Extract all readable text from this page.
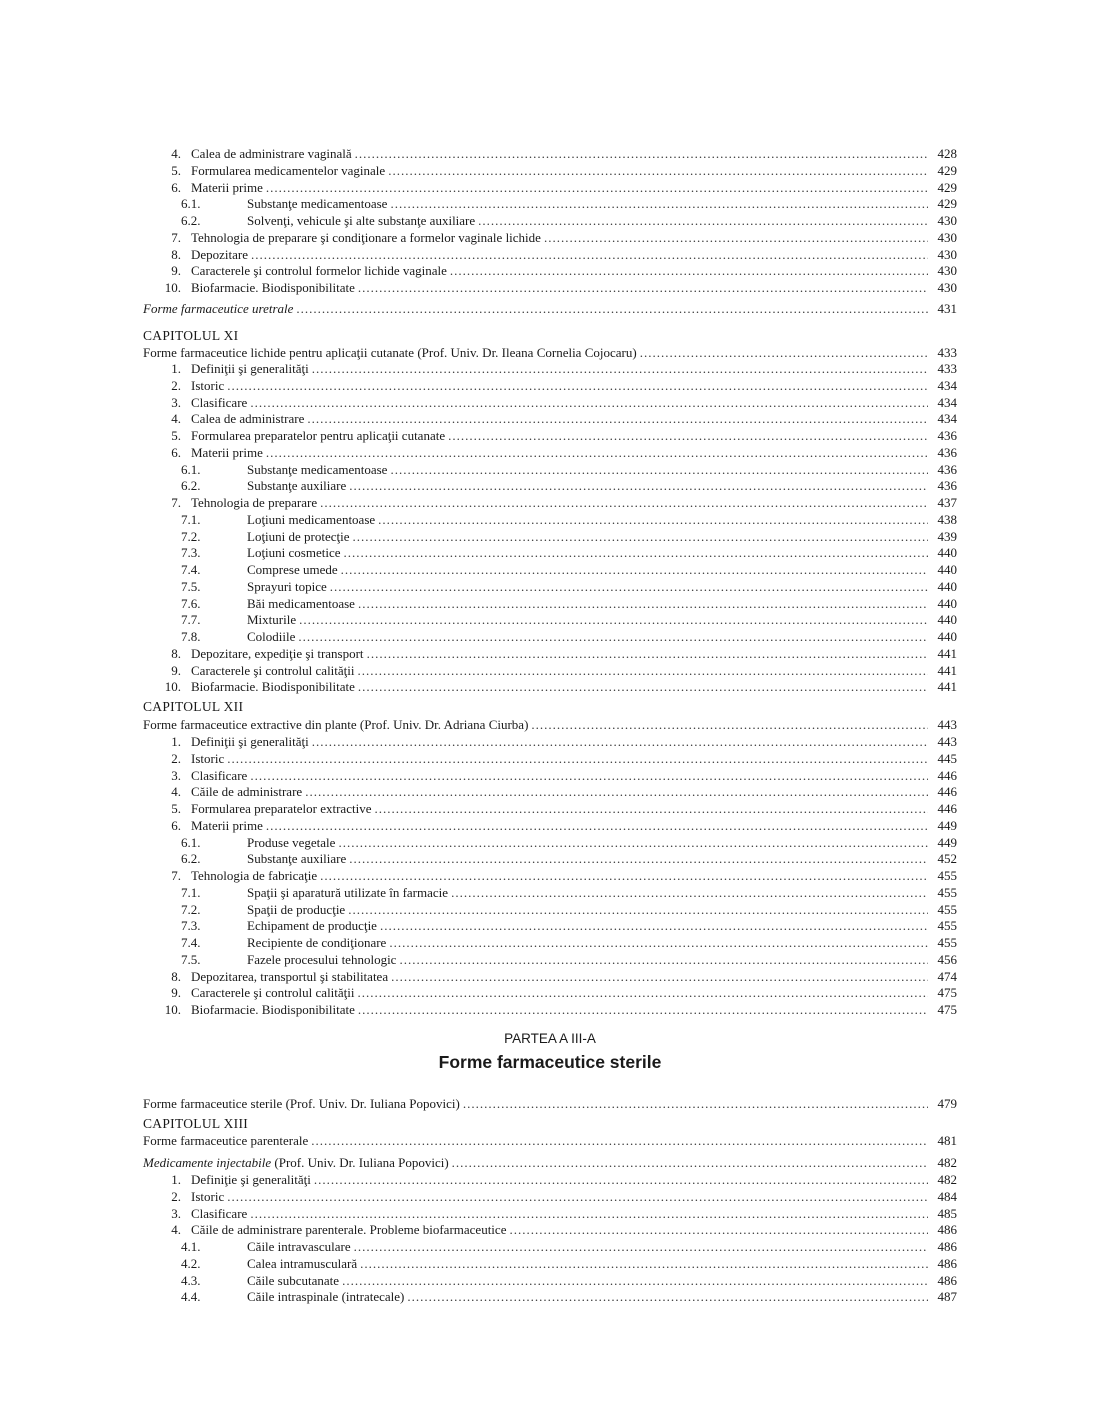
4. Calea de administrare vaginală .....	428
5. Formularea medicamentelor vaginale .....	429
6. Materii prime .....	429
6.1.	Substanţe medicamentoase .....	429
6.2.	Solvenţi, vehicule şi alte substanţe auxiliare .....	430
7. Tehnologia de preparare şi condiţionare a formelor vaginale lichide .....	430
8. Depozitare .....	430
9. Caracterele şi controlul formelor lichide vaginale .....	430
10. Biofarmacie. Biodisponibilitate .....	430
Forme farmaceutice uretrale .....	431
CAPITOLUL XI
Forme farmaceutice lichide pentru aplicaţii cutanate (Prof. Univ. Dr. Ileana Cornelia Cojocaru) .....	433
1. Definiţii şi generalităţi .....	433
2. Istoric .....	434
3. Clasificare .....	434
4. Calea de administrare .....	434
5. Formularea preparatelor pentru aplicaţii cutanate .....	436
6. Materii prime .....	436
6.1.	Substanţe medicamentoase .....	436
6.2.	Substanţe auxiliare .....	436
7. Tehnologia de preparare .....	437
7.1.	Loţiuni medicamentoase .....	438
7.2.	Loţiuni de protecţie .....	439
7.3.	Loţiuni cosmetice .....	440
7.4.	Comprese umede .....	440
7.5.	Sprayuri topice .....	440
7.6.	Băi medicamentoase .....	440
7.7.	Mixturile .....	440
7.8.	Colodiile .....	440
8. Depozitare, expediţie şi transport .....	441
9. Caracterele şi controlul calităţii .....	441
10. Biofarmacie. Biodisponibilitate .....	441
CAPITOLUL XII
Forme farmaceutice extractive din plante (Prof. Univ. Dr. Adriana Ciurba) .....	443
1. Definiţii şi generalităţi .....	443
2. Istoric .....	445
3. Clasificare .....	446
4. Căile de administrare .....	446
5. Formularea preparatelor extractive .....	446
6. Materii prime .....	449
6.1.	Produse vegetale .....	449
6.2.	Substanţe auxiliare .....	452
7. Tehnologia de fabricaţie .....	455
7.1.	Spaţii şi aparatură utilizate în farmacie .....	455
7.2.	Spaţii de producţie .....	455
7.3.	Echipament de producţie .....	455
7.4.	Recipiente de condiţionare .....	455
7.5.	Fazele procesului tehnologic .....	456
8. Depozitarea, transportul şi stabilitatea .....	474
9. Caracterele şi controlul calităţii .....	475
10. Biofarmacie. Biodisponibilitate .....	475
Forme farmaceutice sterile (Prof. Univ. Dr. Iuliana Popovici) .....	479
CAPITOLUL XIII
Forme farmaceutice parenterale .....	481
Medicamente injectabile (Prof. Univ. Dr. Iuliana Popovici) .....	482
1. Definiţie şi generalităţi .....	482
2. Istoric .....	484
3. Clasificare .....	485
4. Căile de administrare parenterale. Probleme biofarmaceutice .....	486
4.1.	Căile intravasculare .....	486
4.2.	Calea intramusculară .....	486
4.3.	Căile subcutanate .....	486
4.4.	Căile intraspinale (intratecale) .....	487
PARTEA A III-A
Forme farmaceutice sterile
